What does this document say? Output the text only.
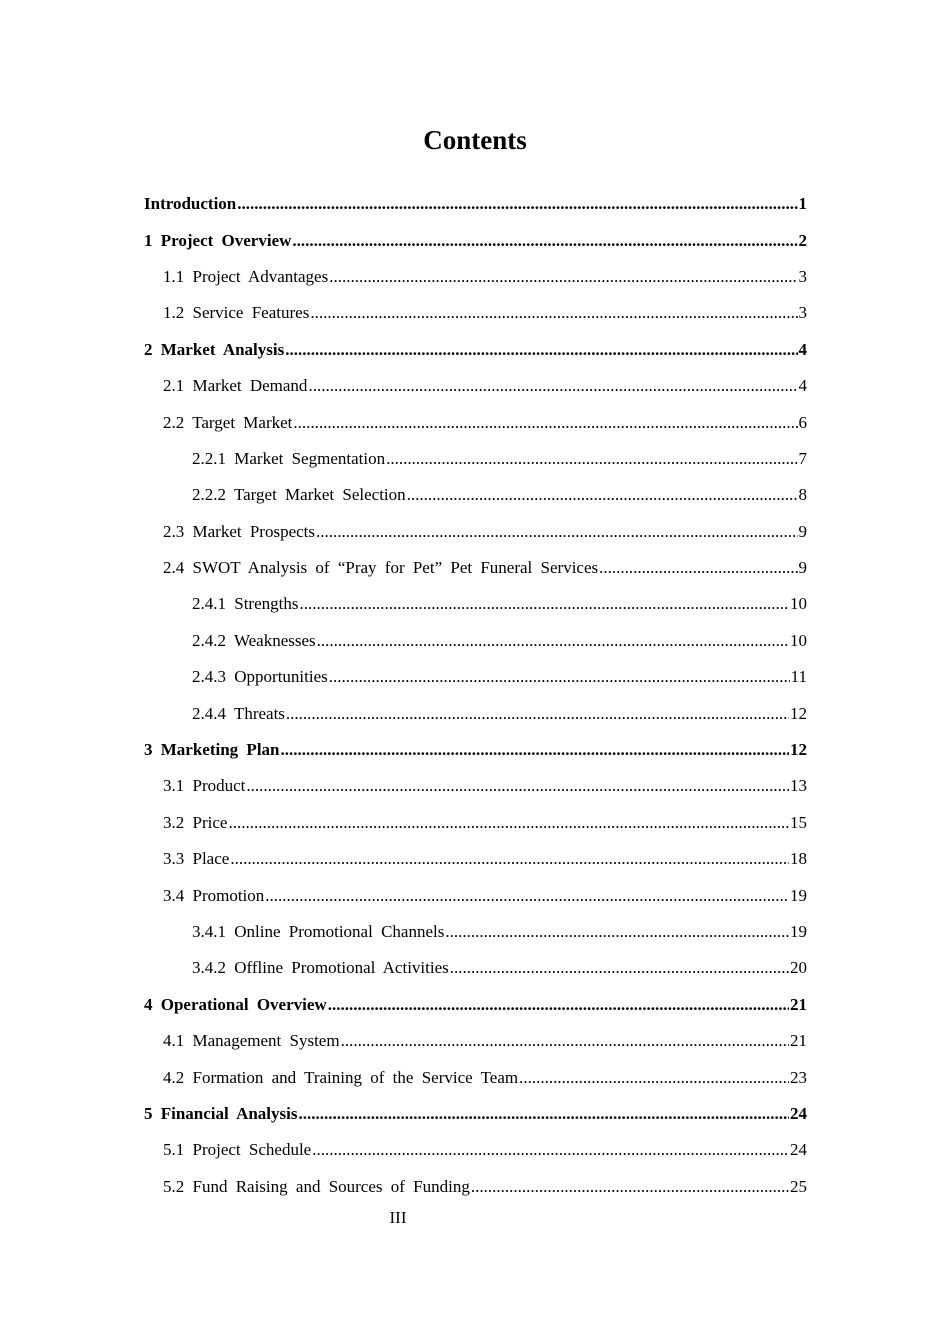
Contents
Introduction .....	1
1 Project Overview .....	2
1.1 Project Advantages .....	3
1.2 Service Features .....	3
2 Market Analysis .....	4
2.1 Market Demand .....	4
2.2 Target Market .....	6
2.2.1 Market Segmentation .....	7
2.2.2 Target Market Selection .....	8
2.3 Market Prospects .....	9
2.4 SWOT Analysis of “Pray for Pet” Pet Funeral Services .....	9
2.4.1 Strengths .....	10
2.4.2 Weaknesses .....	10
2.4.3 Opportunities .....	11
2.4.4 Threats .....	12
3 Marketing Plan .....	12
3.1 Product .....	13
3.2 Price .....	15
3.3 Place .....	18
3.4 Promotion .....	19
3.4.1 Online Promotional Channels .....	19
3.4.2 Offline Promotional Activities .....	20
4 Operational Overview .....	21
4.1 Management System .....	21
4.2 Formation and Training of the Service Team .....	23
5 Financial Analysis .....	24
5.1 Project Schedule .....	24
5.2 Fund Raising and Sources of Funding .....	25
III
